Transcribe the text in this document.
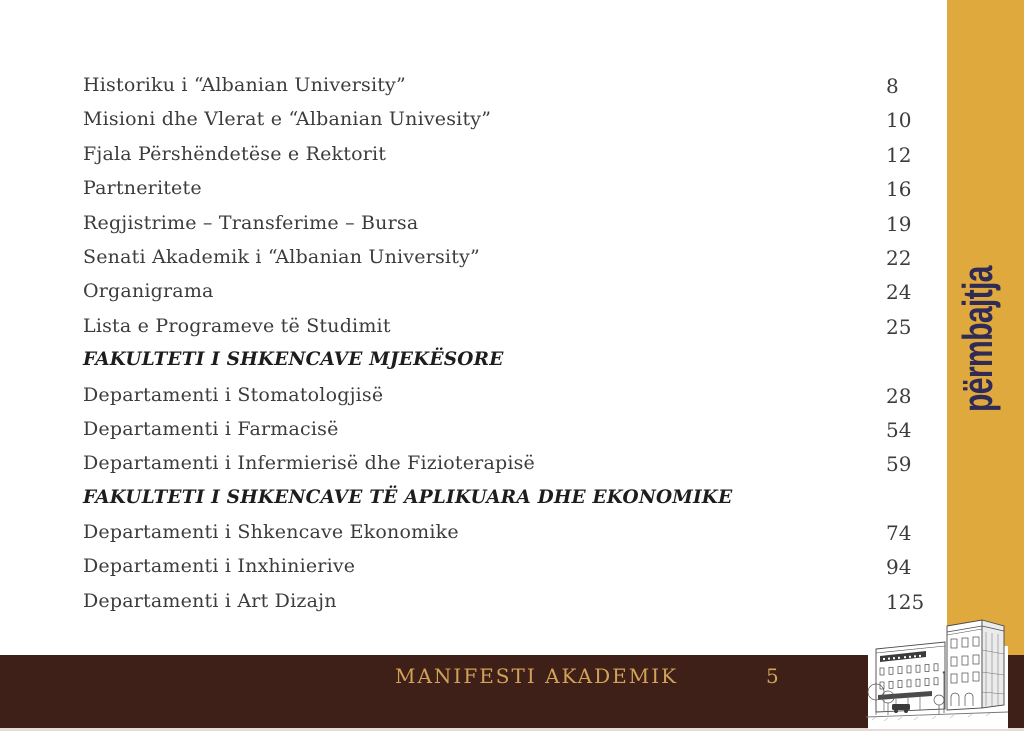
Historiku i “Albanian University”	8
Misioni dhe Vlerat e “Albanian Univesity”	10
Fjala Përshëndetëse e Rektorit	12
Partneritete	16
Regjistrime – Transferime – Bursa	19
Senati Akademik i “Albanian University”	22
Organigrama	24
Lista e Programeve të Studimit	25
FAKULTETI I SHKENCAVE MJEKËSORE
Departamenti i Stomatologjisë	28
Departamenti i Farmacisë	54
Departamenti i Infermierisë dhe Fizioterapisë	59
FAKULTETI I SHKENCAVE TË APLIKUARA DHE EKONOMIKE
Departamenti i Shkencave Ekonomike	74
Departamenti i Inxhinierive	94
Departamenti i Art Dizajn	125
përmbajtja
MANIFESTI AKADEMIK	5
